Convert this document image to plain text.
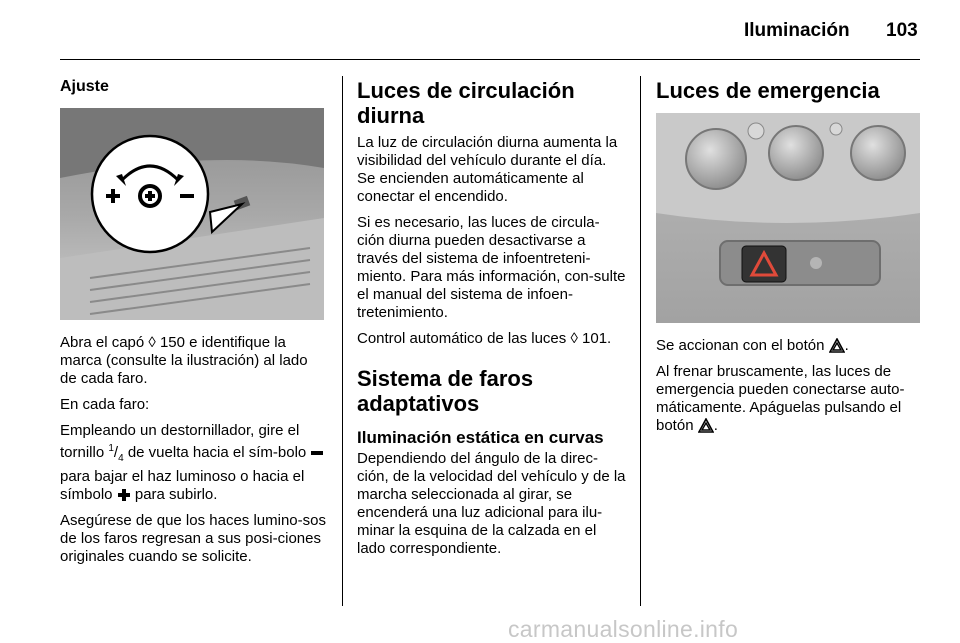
Iluminación 103
Ajuste

Abra el capó ◊ 150 e identifique la marca (consulte la ilustración) al lado de cada faro.

En cada faro:

Empleando un destornillador, gire el tornillo $^1/_4$ de vuelta hacia el sím-bolo  para bajar el haz luminoso o hacia el símbolo  para subirlo.

Asegúrese de que los haces lumino-sos de los faros regresan a sus posi-ciones originales cuando se solicite.

Luces de circulación diurna

La luz de circulación diurna aumenta la visibilidad del vehículo durante el día. Se encienden automáticamente al conectar el encendido.

Si es necesario, las luces de circula-ción diurna pueden desactivarse a través del sistema de infoentreteni-miento. Para más información, con-sulte el manual del sistema de infoen-tretenimiento.

Control automático de las luces ◊ 101.

Sistema de faros adaptativos
Iluminación estática en curvas

Dependiendo del ángulo de la direc-ción, de la velocidad del vehículo y de la marcha seleccionada al girar, se encenderá una luz adicional para ilu-minar la esquina de la calzada en el lado correspondiente.

Luces de emergencia

Se accionan con el botón .

Al frenar bruscamente, las luces de emergencia pueden conectarse auto-máticamente. Apáguelas pulsando el botón .

carmanualsonline.info
